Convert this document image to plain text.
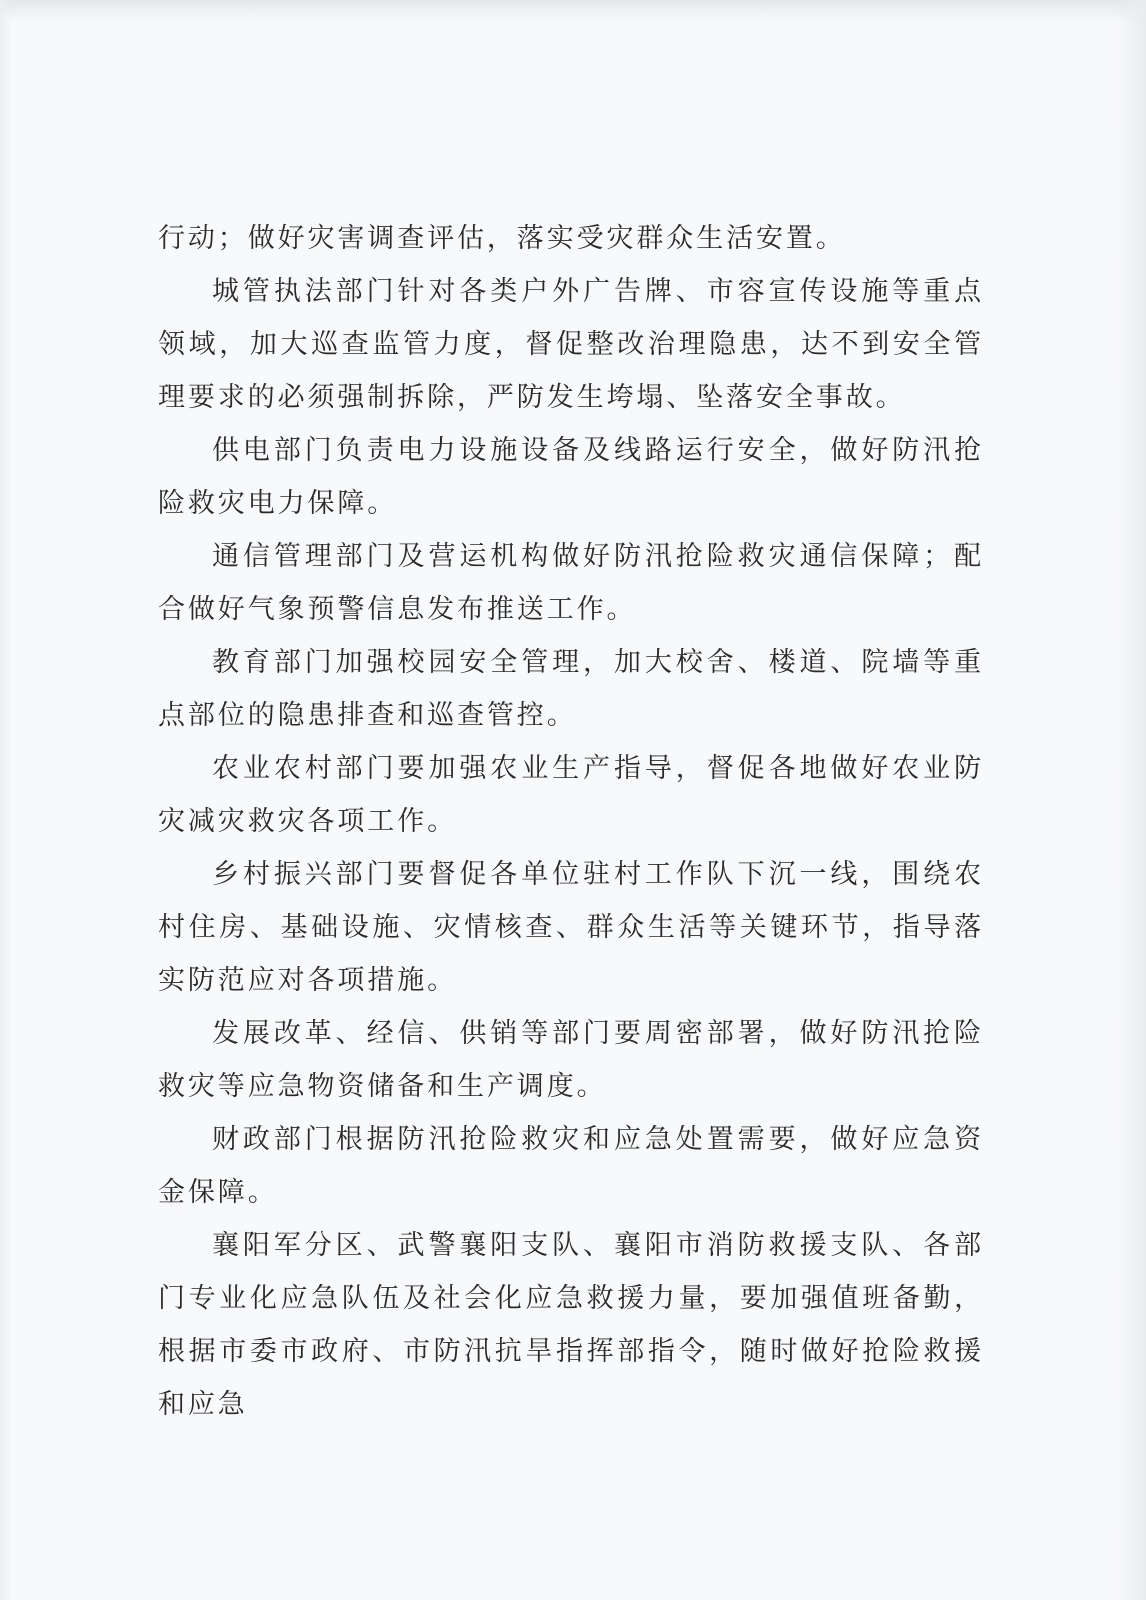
行动；做好灾害调查评估，落实受灾群众生活安置。

城管执法部门针对各类户外广告牌、市容宣传设施等重点领域，加大巡查监管力度，督促整改治理隐患，达不到安全管理要求的必须强制拆除，严防发生垮塌、坠落安全事故。

供电部门负责电力设施设备及线路运行安全，做好防汛抢险救灾电力保障。

通信管理部门及营运机构做好防汛抢险救灾通信保障；配合做好气象预警信息发布推送工作。

教育部门加强校园安全管理，加大校舍、楼道、院墙等重点部位的隐患排查和巡查管控。

农业农村部门要加强农业生产指导，督促各地做好农业防灾减灾救灾各项工作。

乡村振兴部门要督促各单位驻村工作队下沉一线，围绕农村住房、基础设施、灾情核查、群众生活等关键环节，指导落实防范应对各项措施。

发展改革、经信、供销等部门要周密部署，做好防汛抢险救灾等应急物资储备和生产调度。

财政部门根据防汛抢险救灾和应急处置需要，做好应急资金保障。

襄阳军分区、武警襄阳支队、襄阳市消防救援支队、各部门专业化应急队伍及社会化应急救援力量，要加强值班备勤，根据市委市政府、市防汛抗旱指挥部指令，随时做好抢险救援和应急
